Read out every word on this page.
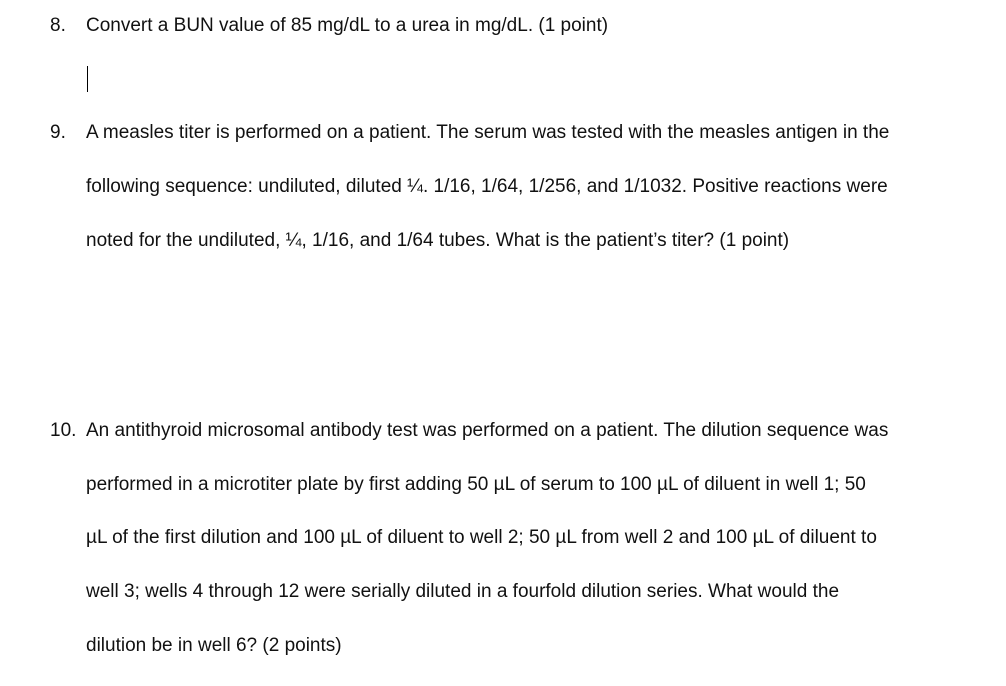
8. Convert a BUN value of 85 mg/dL to a urea in mg/dL. (1 point)
9. A measles titer is performed on a patient. The serum was tested with the measles antigen in the
following sequence: undiluted, diluted ¼. 1/16, 1/64, 1/256, and 1/1032. Positive reactions were
noted for the undiluted, ¼, 1/16, and 1/64 tubes. What is the patient’s titer? (1 point)
10. An antithyroid microsomal antibody test was performed on a patient. The dilution sequence was
performed in a microtiter plate by first adding 50 µL of serum to 100 µL of diluent in well 1; 50
µL of the first dilution and 100 µL of diluent to well 2; 50 µL from well 2 and 100 µL of diluent to
well 3; wells 4 through 12 were serially diluted in a fourfold dilution series. What would the
dilution be in well 6? (2 points)
